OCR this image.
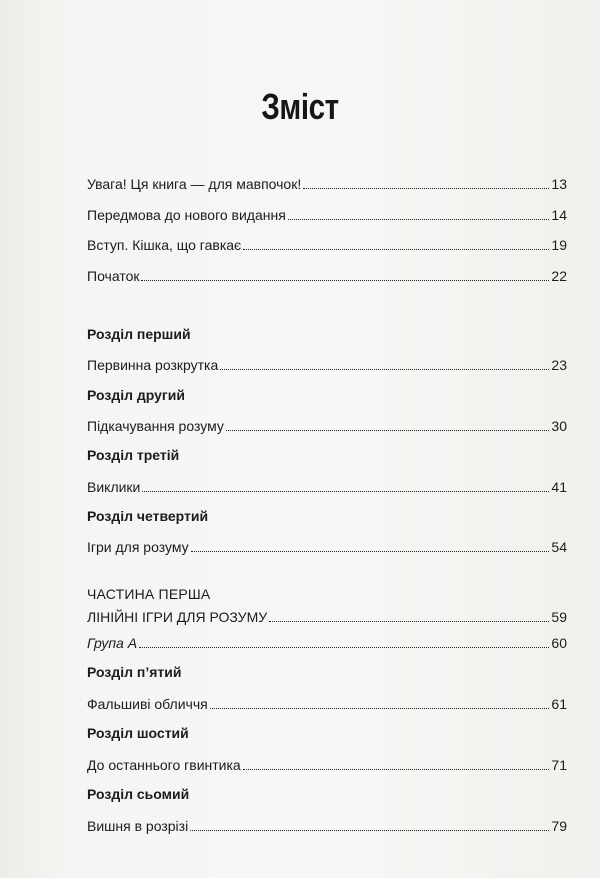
Зміст
Увага! Ця книга — для мавпочок!	13
Передмова до нового видання	14
Вступ. Кішка, що гавкає	19
Початок	22
Розділ перший
Первинна розкрутка	23
Розділ другий
Підкачування розуму	30
Розділ третій
Виклики	41
Розділ четвертий
Ігри для розуму	54
ЧАСТИНА ПЕРША
ЛІНІЙНІ ІГРИ ДЛЯ РОЗУМУ	59
Група А	60
Розділ п’ятий
Фальшиві обличчя	61
Розділ шостий
До останнього гвинтика	71
Розділ сьомий
Вишня в розрізі	79
